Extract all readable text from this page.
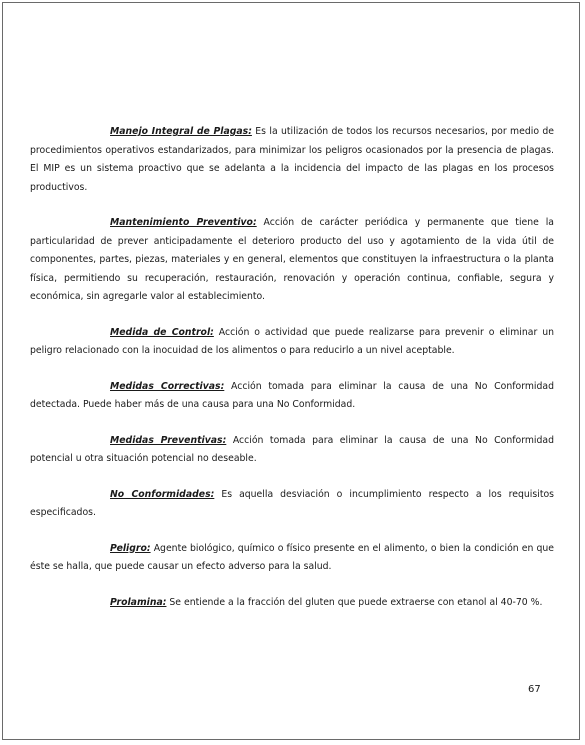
Manejo Integral de Plagas: Es la utilización de todos los recursos necesarios, por medio de procedimientos operativos estandarizados, para minimizar los peligros ocasionados por la presencia de plagas. El MIP es un sistema proactivo que se adelanta a la incidencia del impacto de las plagas en los procesos productivos.

Mantenimiento Preventivo: Acción de carácter periódica y permanente que tiene la particularidad de prever anticipadamente el deterioro producto del uso y agotamiento de la vida útil de componentes, partes, piezas, materiales y en general, elementos que constituyen la infraestructura o la planta física, permitiendo su recuperación, restauración, renovación y operación continua, confiable, segura y económica, sin agregarle valor al establecimiento.

Medida de Control: Acción o actividad que puede realizarse para prevenir o eliminar un peligro relacionado con la inocuidad de los alimentos o para reducirlo a un nivel aceptable.

Medidas Correctivas: Acción tomada para eliminar la causa de una No Conformidad detectada. Puede haber más de una causa para una No Conformidad.

Medidas Preventivas: Acción tomada para eliminar la causa de una No Conformidad potencial u otra situación potencial no deseable.

No Conformidades: Es aquella desviación o incumplimiento respecto a los requisitos especificados.

Peligro: Agente biológico, químico o físico presente en el alimento, o bien la condición en que éste se halla, que puede causar un efecto adverso para la salud.

Prolamina: Se entiende a la fracción del gluten que puede extraerse con etanol al 40-70 %.

67
